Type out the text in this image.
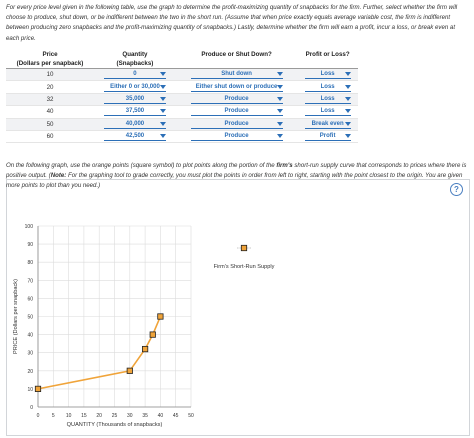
For every price level given in the following table, use the graph to determine the profit-maximizing quantity of snapbacks for the firm. Further, select whether the firm will choose to produce, shut down, or be indifferent between the two in the short run. (Assume that when price exactly equals average variable cost, the firm is indifferent between producing zero snapbacks and the profit-maximizing quantity of snapbacks.) Lastly, determine whether the firm will earn a profit, incur a loss, or break even at each price.

Price	Quantity	Produce or Shut Down?	Profit or Loss?
(Dollars per snapback)	(Snapbacks)		
10	0	Shut down	Loss

20	Either 0 or 30,000	Either shut down or produce	Loss

32	35,000	Produce	Loss

40	37,500	Produce	Loss

50	40,000	Produce	Break even

60	42,500	Produce	Profit
?
0	5 10 15 20 25 30 35 40 45 50
0
10
20
30
40
50
60
70
80
90
100
QUANTITY (Thousands of snapbacks)
PRICE (Dollars per snapback)
Firm's Short-Run Supply

On the following graph, use the orange points (square symbol) to plot points along the portion of the firm's short-run supply curve that corresponds to prices where there is positive output. (Note: For the graphing tool to grade correctly, you must plot the points in order from left to right, starting with the point closest to the origin. You are given more points to plot than you need.)
